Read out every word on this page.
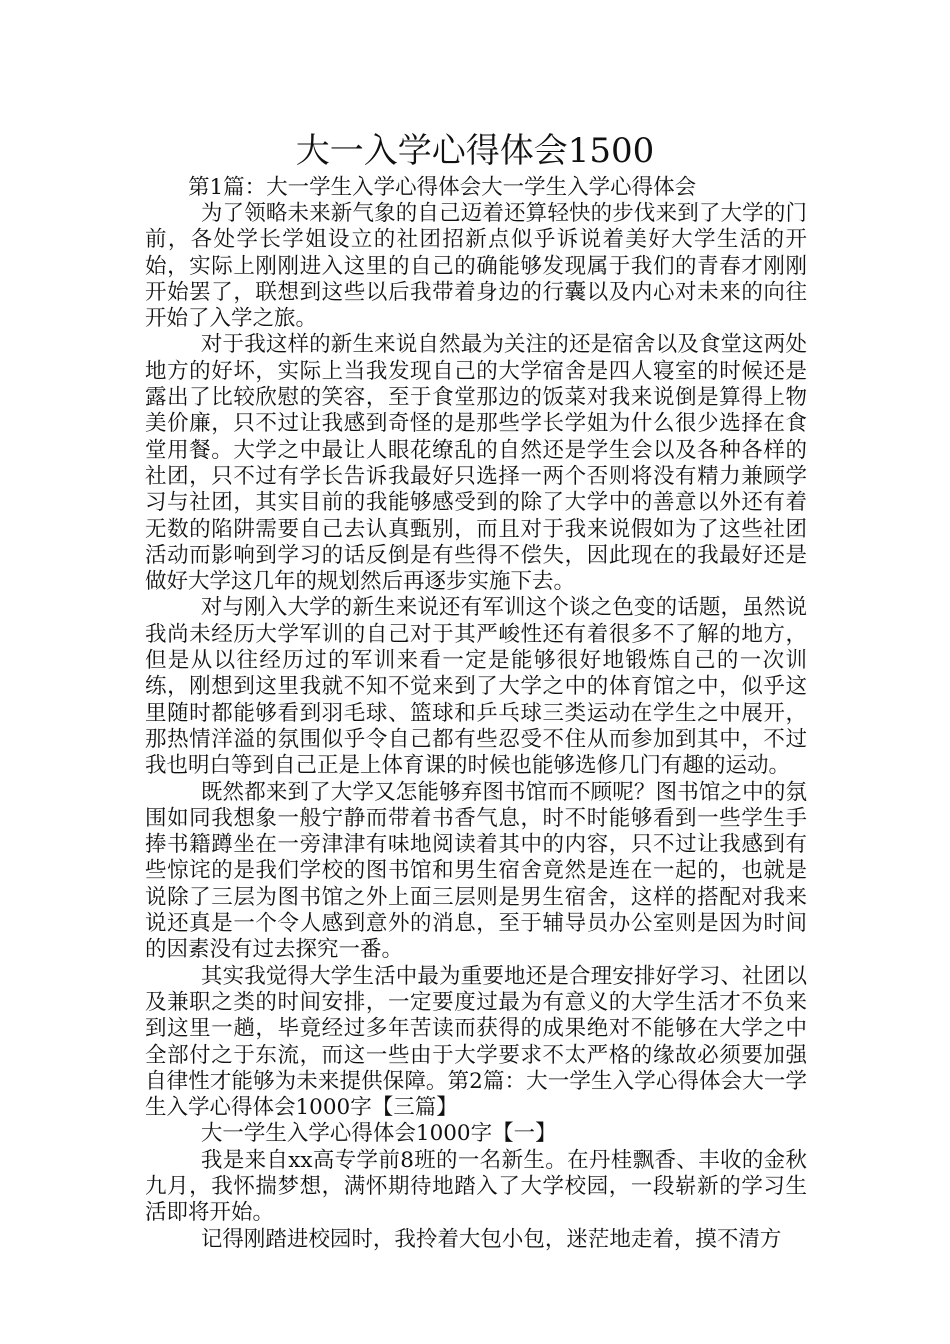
大一入学心得体会1500
第1篇：大一学生入学心得体会大一学生入学心得体会

为了领略未来新气象的自己迈着还算轻快的步伐来到了大学的门前，各处学长学姐设立的社团招新点似乎诉说着美好大学生活的开始，实际上刚刚进入这里的自己的确能够发现属于我们的青春才刚刚开始罢了，联想到这些以后我带着身边的行囊以及内心对未来的向往开始了入学之旅。

对于我这样的新生来说自然最为关注的还是宿舍以及食堂这两处地方的好坏，实际上当我发现自己的大学宿舍是四人寝室的时候还是露出了比较欣慰的笑容，至于食堂那边的饭菜对我来说倒是算得上物美价廉，只不过让我感到奇怪的是那些学长学姐为什么很少选择在食堂用餐。大学之中最让人眼花缭乱的自然还是学生会以及各种各样的社团，只不过有学长告诉我最好只选择一两个否则将没有精力兼顾学习与社团，其实目前的我能够感受到的除了大学中的善意以外还有着无数的陷阱需要自己去认真甄别，而且对于我来说假如为了这些社团活动而影响到学习的话反倒是有些得不偿失，因此现在的我最好还是做好大学这几年的规划然后再逐步实施下去。

对与刚入大学的新生来说还有军训这个谈之色变的话题，虽然说我尚未经历大学军训的自己对于其严峻性还有着很多不了解的地方，但是从以往经历过的军训来看一定是能够很好地锻炼自己的一次训练，刚想到这里我就不知不觉来到了大学之中的体育馆之中，似乎这里随时都能够看到羽毛球、篮球和乒乓球三类运动在学生之中展开，那热情洋溢的氛围似乎令自己都有些忍受不住从而参加到其中，不过我也明白等到自己正是上体育课的时候也能够选修几门有趣的运动。

既然都来到了大学又怎能够弃图书馆而不顾呢？图书馆之中的氛围如同我想象一般宁静而带着书香气息，时不时能够看到一些学生手捧书籍蹲坐在一旁津津有味地阅读着其中的内容，只不过让我感到有些惊诧的是我们学校的图书馆和男生宿舍竟然是连在一起的，也就是说除了三层为图书馆之外上面三层则是男生宿舍，这样的搭配对我来说还真是一个令人感到意外的消息，至于辅导员办公室则是因为时间的因素没有过去探究一番。

其实我觉得大学生活中最为重要地还是合理安排好学习、社团以及兼职之类的时间安排，一定要度过最为有意义的大学生活才不负来到这里一趟，毕竟经过多年苦读而获得的成果绝对不能够在大学之中全部付之于东流，而这一些由于大学要求不太严格的缘故必须要加强自律性才能够为未来提供保障。第2篇：大一学生入学心得体会大一学生入学心得体会1000字【三篇】

大一学生入学心得体会1000字【一】

我是来自xx高专学前8班的一名新生。在丹桂飘香、丰收的金秋九月，我怀揣梦想，满怀期待地踏入了大学校园，一段崭新的学习生活即将开始。

记得刚踏进校园时，我拎着大包小包，迷茫地走着，摸不清方
